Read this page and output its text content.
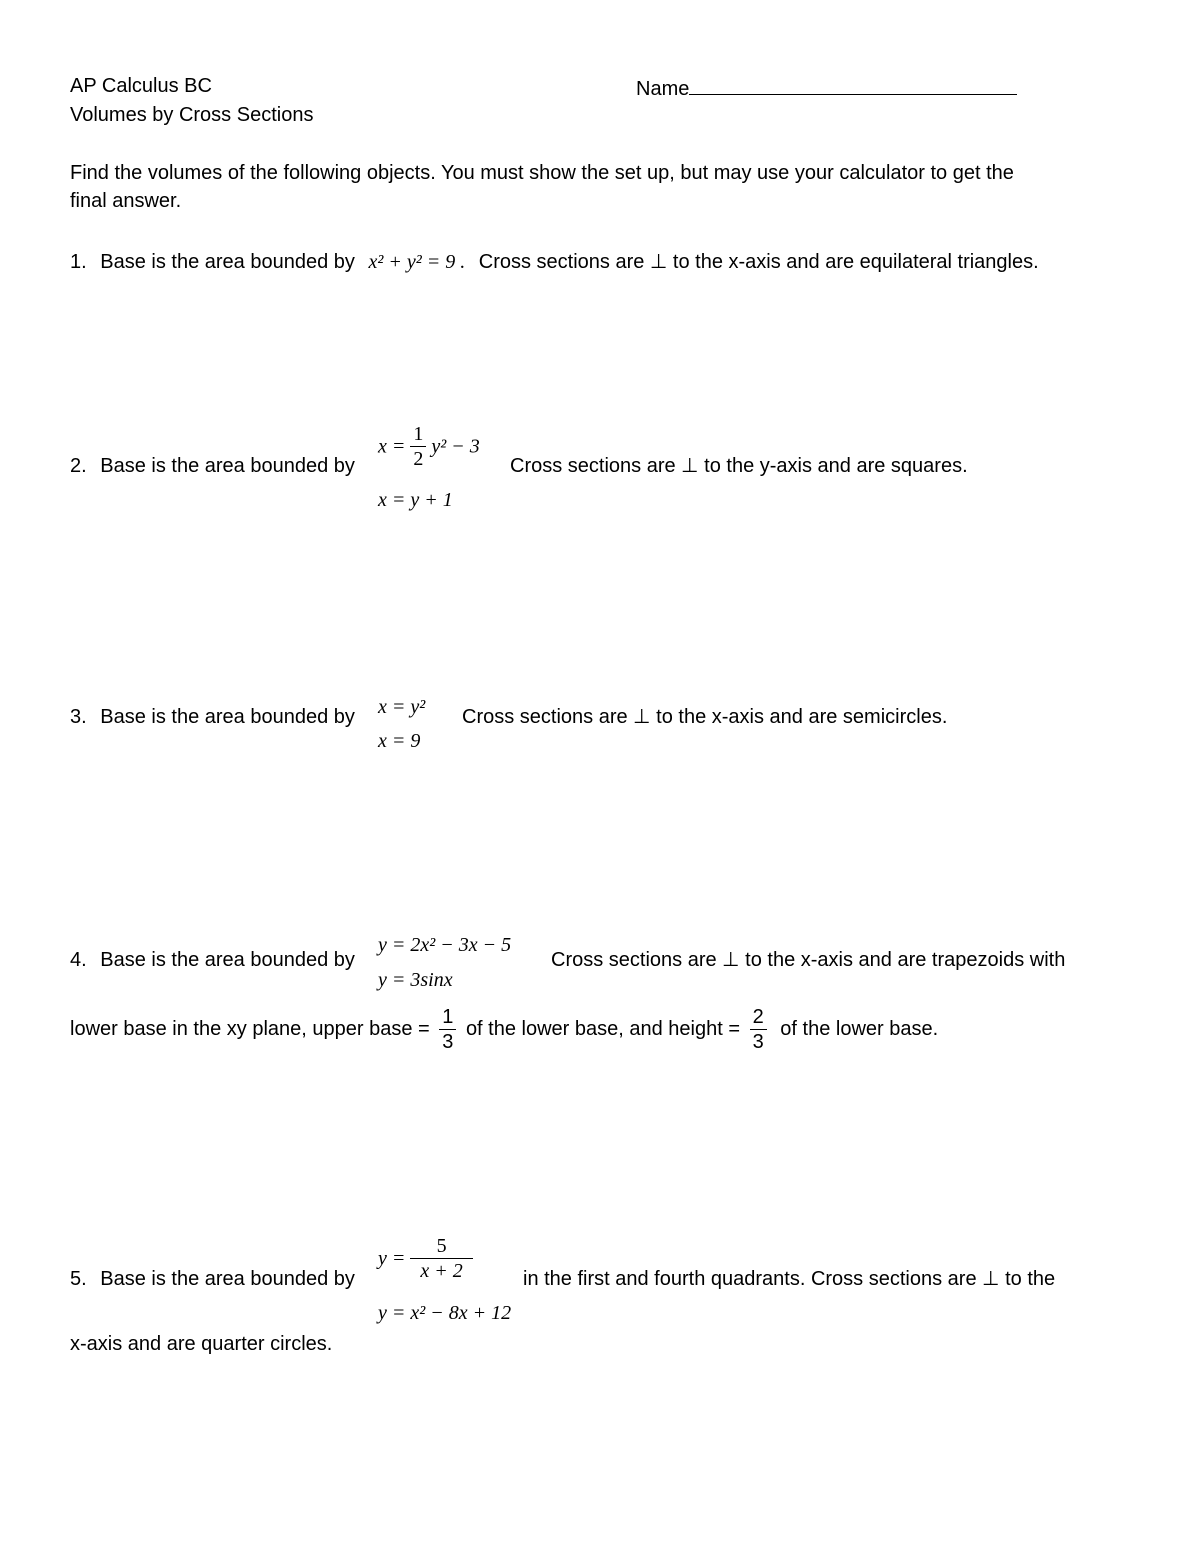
AP Calculus BC
Volumes by Cross Sections
Name
Find the volumes of the following objects. You must show the set up, but may use your calculator to get the
final answer.
1. Base is the area bounded by x² + y² = 9 . Cross sections are ⊥ to the x-axis and are equilateral triangles.
2. Base is the area bounded by
$x = \frac{1}{2} y^2 - 3$
x = y + 1
Cross sections are ⊥ to the y-axis and are squares.
3. Base is the area bounded by x = y²
x = 9
Cross sections are ⊥ to the x-axis and are semicircles.
4. Base is the area bounded by
y = 2x² − 3x − 5
y = 3sinx
Cross sections are ⊥ to the x-axis and are trapezoids with
lower base in the xy plane, upper base = $\frac{1}{3}$ of the lower base, and height = $\frac{2}{3}$ of the lower base.
5. Base is the area bounded by
$y = \frac{5}{x + 2}$
y = x² − 8x + 12
in the first and fourth quadrants. Cross sections are ⊥ to the
x-axis and are quarter circles.
